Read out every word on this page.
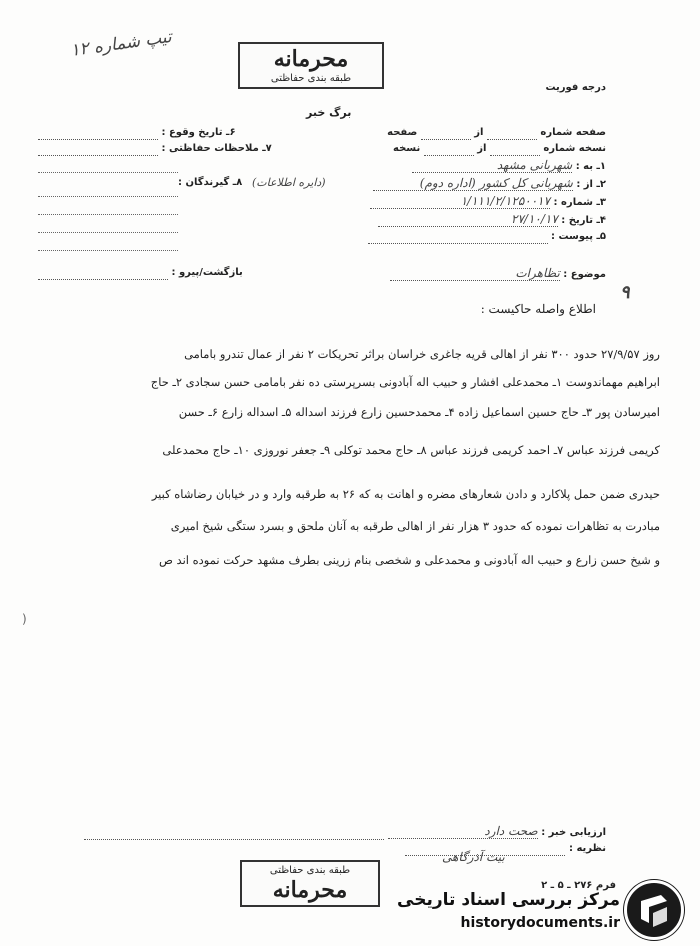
تیپ شماره ۱۲
محرمانه
طبقه بندی حفاظتی
درجه فوریت
برگ خبر
صفحه شماره  از  صفحه
نسخه شماره  از  نسخه
۱ـ به : شهربانی مشهد
۲ـ از : شهربانی کل کشور (اداره دوم)
۳ـ شماره : ۱/۱۱۱/۲/۱۲۵۰۰۱۷
۴ـ تاریخ : ۲۷/۱۰/۱۷
۵ـ پیوست :
۶ـ تاریخ وقوع :
۷ـ ملاحظات حفاظتی :
۸ـ گیرندگان : (دایره اطلاعات)
موضوع : تظاهرات
بازگشت/پیرو :
۹
اطلاع واصله حاکیست :
روز ۲۷/۹/۵۷ حدود ۳۰۰ نفر از اهالی قریه جاغری خراسان براثر تحریکات ۲ نفر از عمال تندرو بامامی
ابراهیم مهماندوست ۱ـ محمدعلی افشار و حبیب اله آبادونی بسرپرستی ده نفر بامامی حسن سجادی ۲ـ حاج
امیرسادن پور ۳ـ حاج حسین اسماعیل زاده ۴ـ محمدحسین زارع فرزند اسداله ۵ـ اسداله زارع ۶ـ حسن
کریمی فرزند عباس ۷ـ احمد کریمی فرزند عباس ۸ـ حاج محمد توکلی ۹ـ جعفر نوروزی ۱۰ـ حاج محمدعلی
حیدری ضمن حمل پلاکارد و دادن شعارهای مضره و اهانت به که ۲۶ به طرقبه وارد و در خیابان رضاشاه کبیر
مبادرت به تظاهرات نموده که حدود ۳ هزار نفر از اهالی طرقبه به آنان ملحق و بسرد ستگی شیخ امیری
و شیخ حسن زارع و حبیب اله آبادونی و محمدعلی و شخصی بنام زرینی بطرف مشهد حرکت نموده اند ص
(
ارزیابی خبر : صحت دارد
نظریه :
بیت آذرگاهی
طبقه بندی حفاظتی
محرمانه	فرم ۲۷۶ ـ ۵ ـ ۲
مرکز بررسی اسناد تاریخی
historydocuments.ir
